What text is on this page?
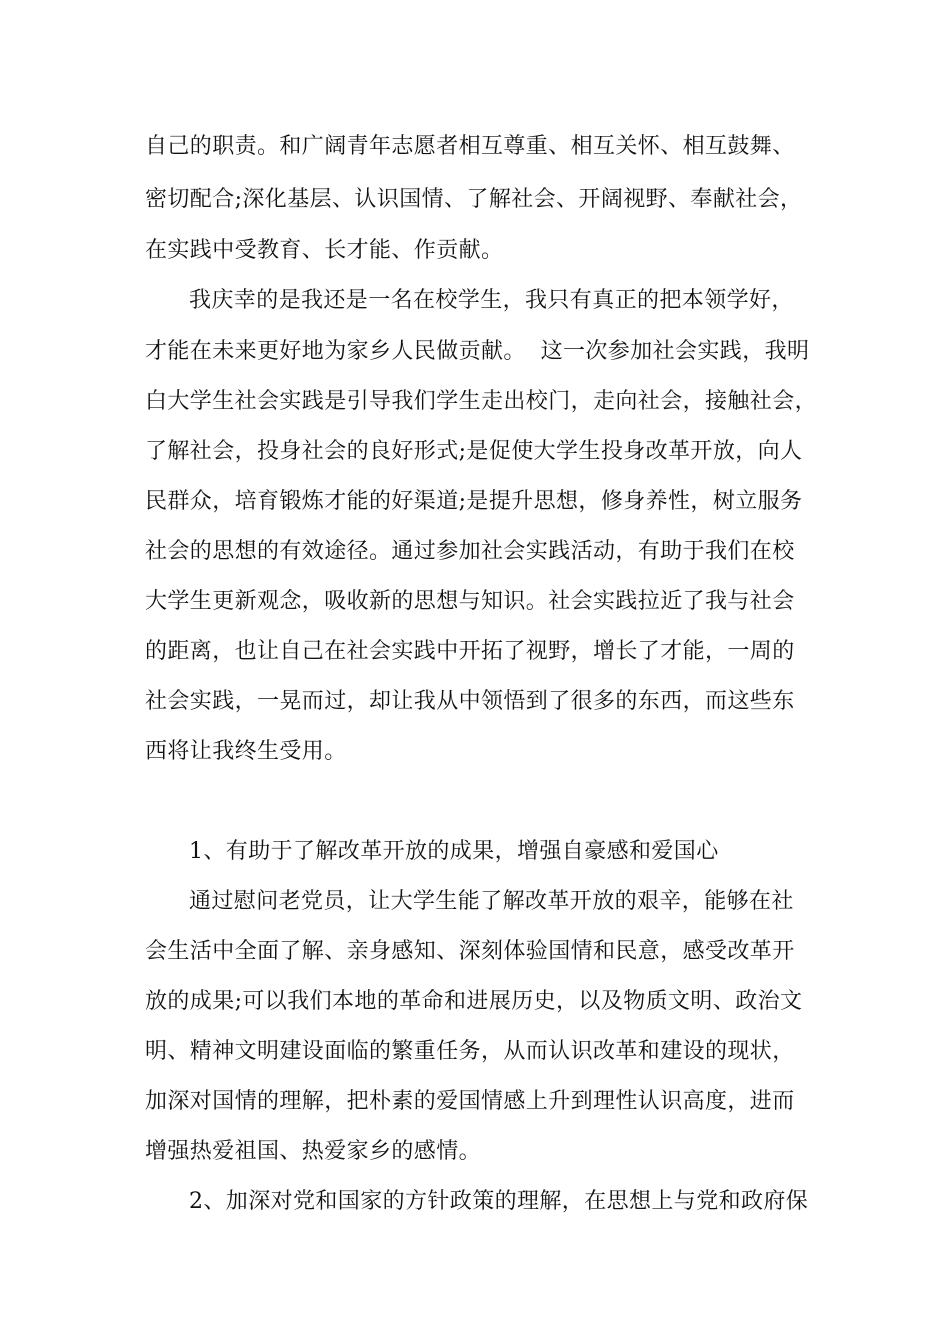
自己的职责。和广阔青年志愿者相互尊重、相互关怀、相互鼓舞、
密切配合;深化基层、认识国情、了解社会、开阔视野、奉献社会，
在实践中受教育、长才能、作贡献。
我庆幸的是我还是一名在校学生，我只有真正的把本领学好，
才能在未来更好地为家乡人民做贡献。  这一次参加社会实践，我明
白大学生社会实践是引导我们学生走出校门，走向社会，接触社会，
了解社会，投身社会的良好形式;是促使大学生投身改革开放，向人
民群众，培育锻炼才能的好渠道;是提升思想，修身养性，树立服务
社会的思想的有效途径。通过参加社会实践活动，有助于我们在校
大学生更新观念，吸收新的思想与知识。社会实践拉近了我与社会
的距离，也让自己在社会实践中开拓了视野，增长了才能，一周的
社会实践，一晃而过，却让我从中领悟到了很多的东西，而这些东
西将让我终生受用。
1、有助于了解改革开放的成果，增强自豪感和爱国心
通过慰问老党员，让大学生能了解改革开放的艰辛，能够在社
会生活中全面了解、亲身感知、深刻体验国情和民意，感受改革开
放的成果;可以我们本地的革命和进展历史，以及物质文明、政治文
明、精神文明建设面临的繁重任务，从而认识改革和建设的现状，
加深对国情的理解，把朴素的爱国情感上升到理性认识高度，进而
增强热爱祖国、热爱家乡的感情。
2、加深对党和国家的方针政策的理解，在思想上与党和政府保
